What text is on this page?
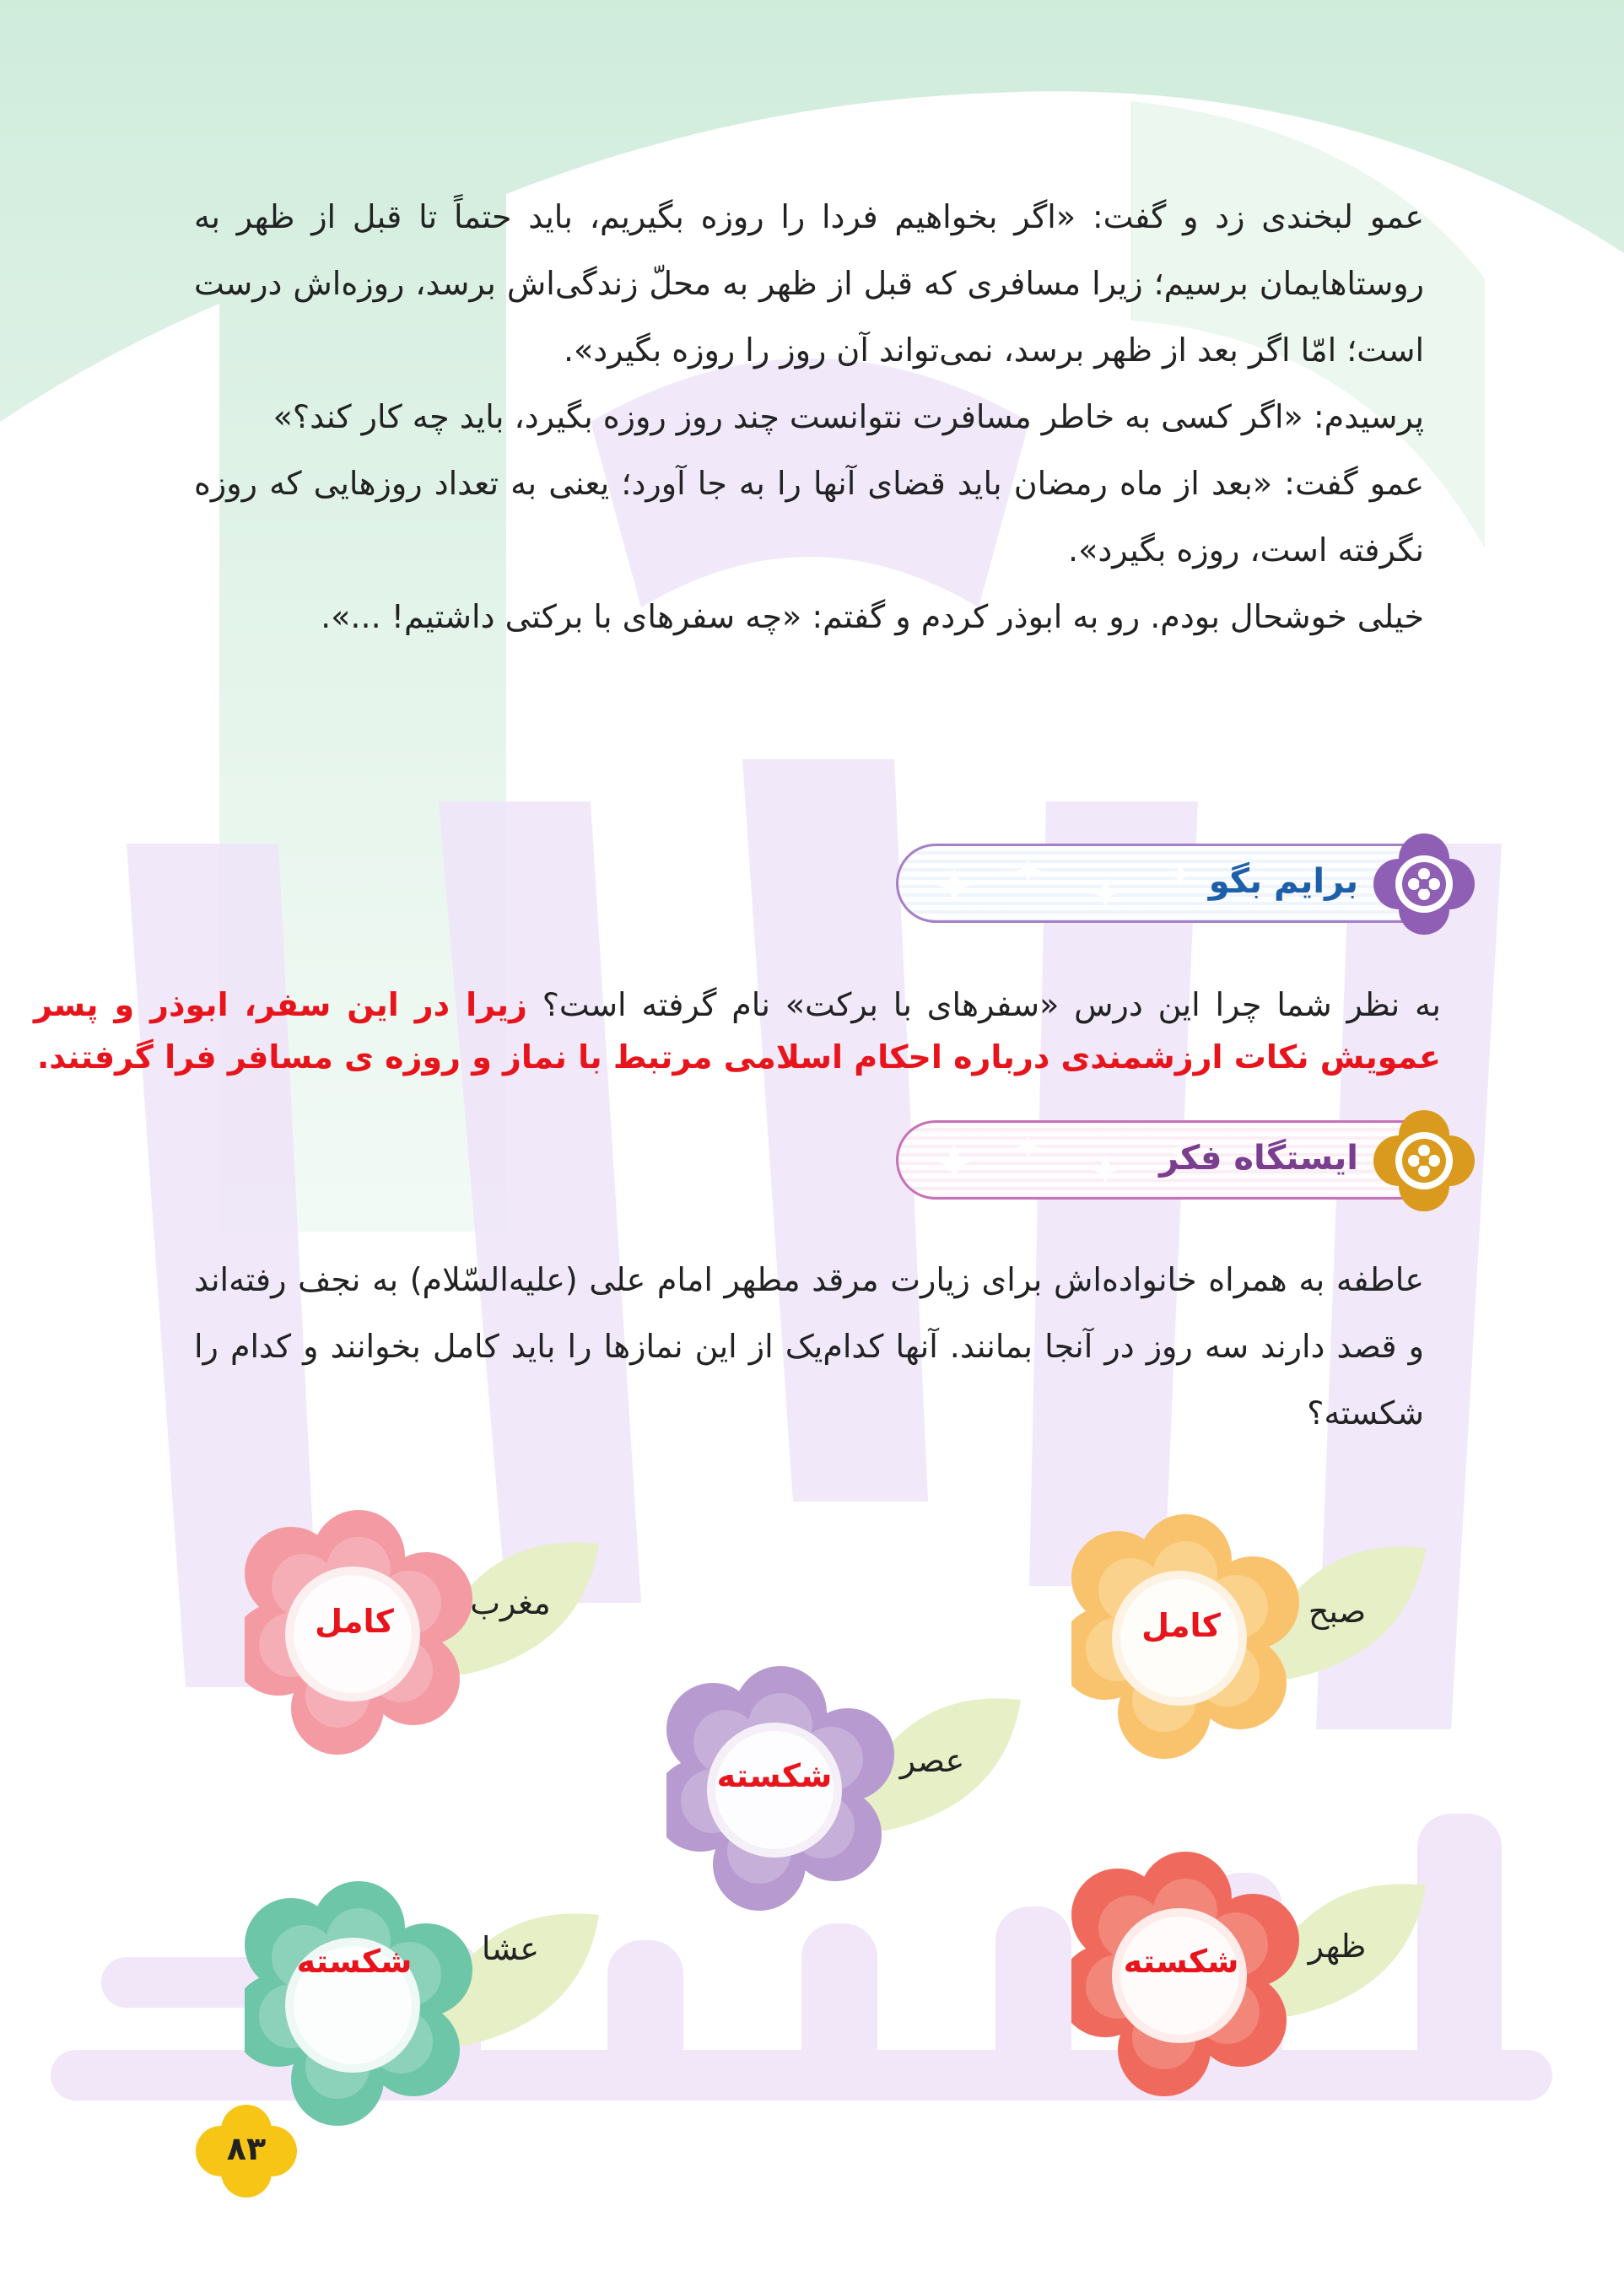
عمو لبخندی زد و گفت: «اگر بخواهیم فردا را روزه بگیریم، باید حتماً تا قبل از ظهر به روستاهایمان برسیم؛ زیرا مسافری که قبل از ظهر به محلّ زندگی‌اش برسد، روزه‌اش درست است؛ امّا اگر بعد از ظهر برسد، نمی‌تواند آن روز را روزه بگیرد».

پرسیدم: «اگر کسی به خاطر مسافرت نتوانست چند روز روزه بگیرد، باید چه کار کند؟»

عمو گفت: «بعد از ماه رمضان باید قضای آنها را به جا آورد؛ یعنی به تعداد روزهایی که روزه نگرفته است، روزه بگیرد».

خیلی خوشحال بودم. رو به ابوذر کردم و گفتم: «چه سفرهای با برکتی داشتیم! ...».

برایم بگو
به نظر شما چرا این درس «سفرهای با برکت» نام گرفته است؟ زیرا در این سفر، ابوذر و پسر عمویش نکات ارزشمندی درباره احکام اسلامی مرتبط با نماز و روزه ی مسافر فرا گرفتند.
ایستگاه فکر

عاطفه به همراه خانواده‌اش برای زیارت مرقد مطهر امام علی (علیه‌السّلام) به نجف رفته‌اند و قصد دارند سه روز در آنجا بمانند. آنها کدام‌یک از این نمازها را باید کامل بخوانند و کدام را شکسته؟

مغرب
کامل	صبح
کامل
عصر
شکسته
عشا
شکسته	ظهر
شکسته
۸۳
